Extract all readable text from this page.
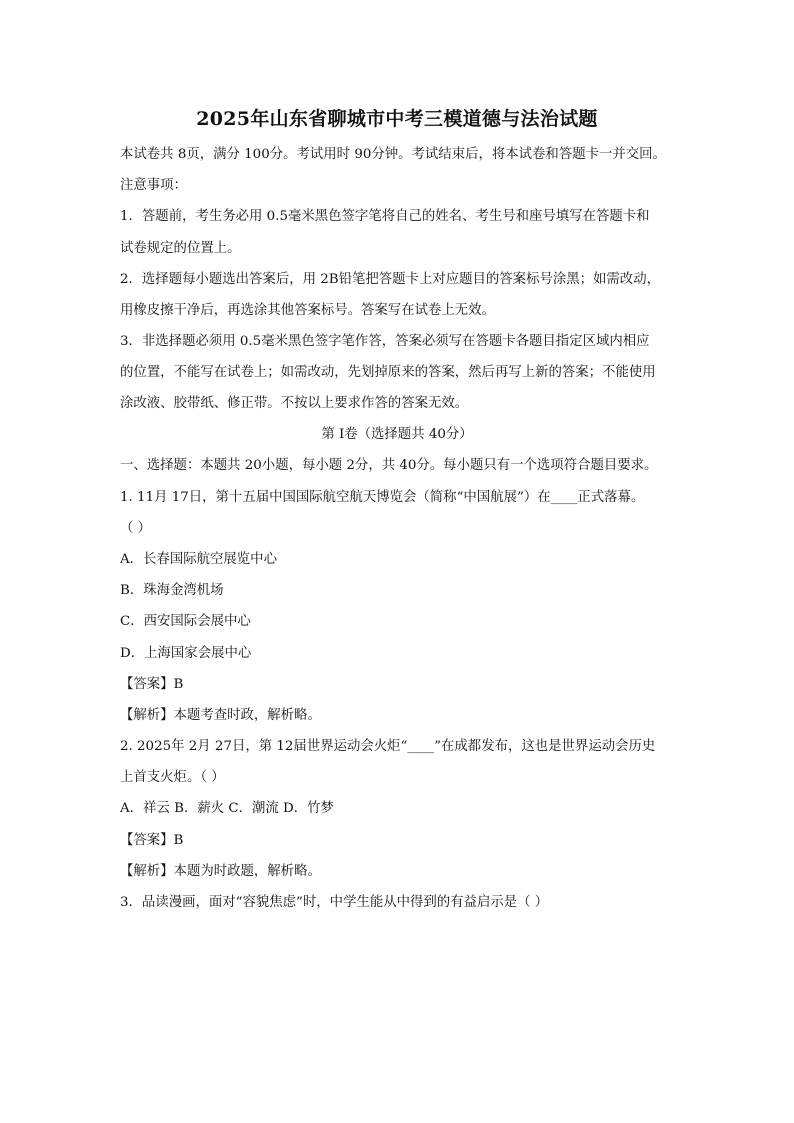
2025年山东省聊城市中考三模道德与法治试题
本试卷共 8页，满分 100分。考试用时 90分钟。考试结束后，将本试卷和答题卡一并交回。
注意事项：
1．答题前，考生务必用 0.5毫米黑色签字笔将自己的姓名、考生号和座号填写在答题卡和
试卷规定的位置上。
2．选择题每小题选出答案后，用 2B铅笔把答题卡上对应题目的答案标号涂黑；如需改动，
用橡皮擦干净后，再选涂其他答案标号。答案写在试卷上无效。
3．非选择题必须用 0.5毫米黑色签字笔作答，答案必须写在答题卡各题目指定区域内相应
的位置，不能写在试卷上；如需改动，先划掉原来的答案，然后再写上新的答案；不能使用
涂改液、胶带纸、修正带。不按以上要求作答的答案无效。
第 I卷（选择题共 40分）
一、选择题：本题共 20小题，每小题 2分，共 40分。每小题只有一个选项符合题目要求。
1. 11月 17日，第十五届中国国际航空航天博览会（简称“中国航展”）在____正式落幕。
（ ）
A．长春国际航空展览中心
B．珠海金湾机场
C．西安国际会展中心
D．上海国家会展中心
【答案】B
【解析】本题考查时政，解析略。
2. 2025年 2月 27日，第 12届世界运动会火炬“____”在成都发布，这也是世界运动会历史
上首支火炬。（ ）
A．祥云 B．薪火 C．潮流 D．竹梦
【答案】B
【解析】本题为时政题，解析略。
3．品读漫画，面对“容貌焦虑”时，中学生能从中得到的有益启示是（ ）
